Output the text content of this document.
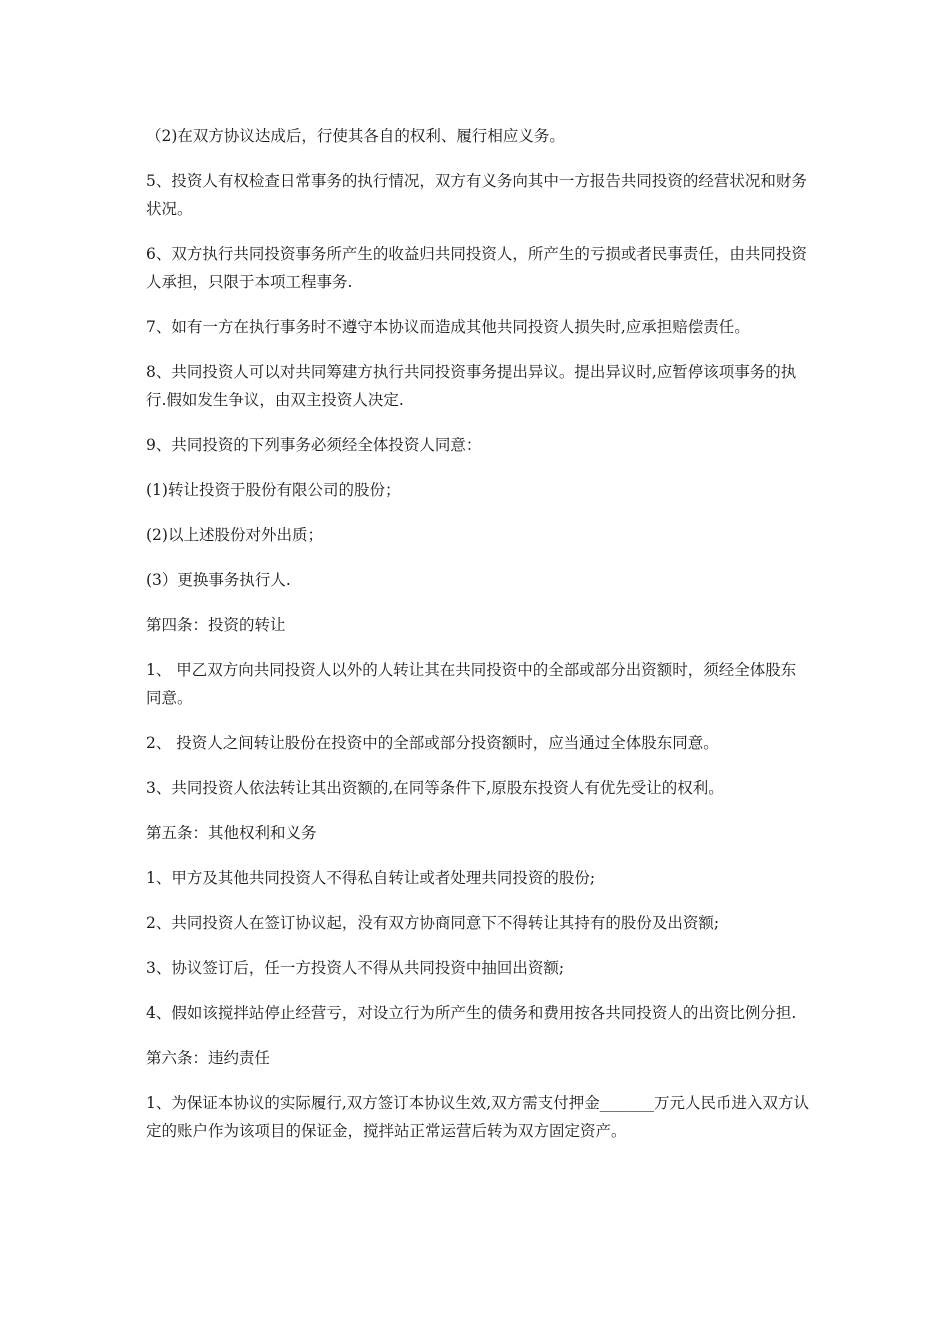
（2)在双方协议达成后，行使其各自的权利、履行相应义务。

5、投资人有权检查日常事务的执行情况，双方有义务向其中一方报告共同投资的经营状况和财务状况。

6、双方执行共同投资事务所产生的收益归共同投资人，所产生的亏损或者民事责任，由共同投资人承担，只限于本项工程事务.

7、如有一方在执行事务时不遵守本协议而造成其他共同投资人损失时,应承担赔偿责任。

8、共同投资人可以对共同筹建方执行共同投资事务提出异议。提出异议时,应暂停该项事务的执行.假如发生争议，由双主投资人决定.

9、共同投资的下列事务必须经全体投资人同意：

(1)转让投资于股份有限公司的股份；

(2)以上述股份对外出质；

(3）更换事务执行人.

第四条：投资的转让

1、 甲乙双方向共同投资人以外的人转让其在共同投资中的全部或部分出资额时，须经全体股东同意。

2、 投资人之间转让股份在投资中的全部或部分投资额时，应当通过全体股东同意。

3、共同投资人依法转让其出资额的,在同等条件下,原股东投资人有优先受让的权利。

第五条：其他权利和义务

1、甲方及其他共同投资人不得私自转让或者处理共同投资的股份;

2、共同投资人在签订协议起，没有双方协商同意下不得转让其持有的股份及出资额;

3、协议签订后，任一方投资人不得从共同投资中抽回出资额;

4、假如该搅拌站停止经营亏，对设立行为所产生的债务和费用按各共同投资人的出资比例分担.

第六条：违约责任

1、为保证本协议的实际履行,双方签订本协议生效,双方需支付押金_______万元人民币进入双方认定的账户作为该项目的保证金，搅拌站正常运营后转为双方固定资产。
